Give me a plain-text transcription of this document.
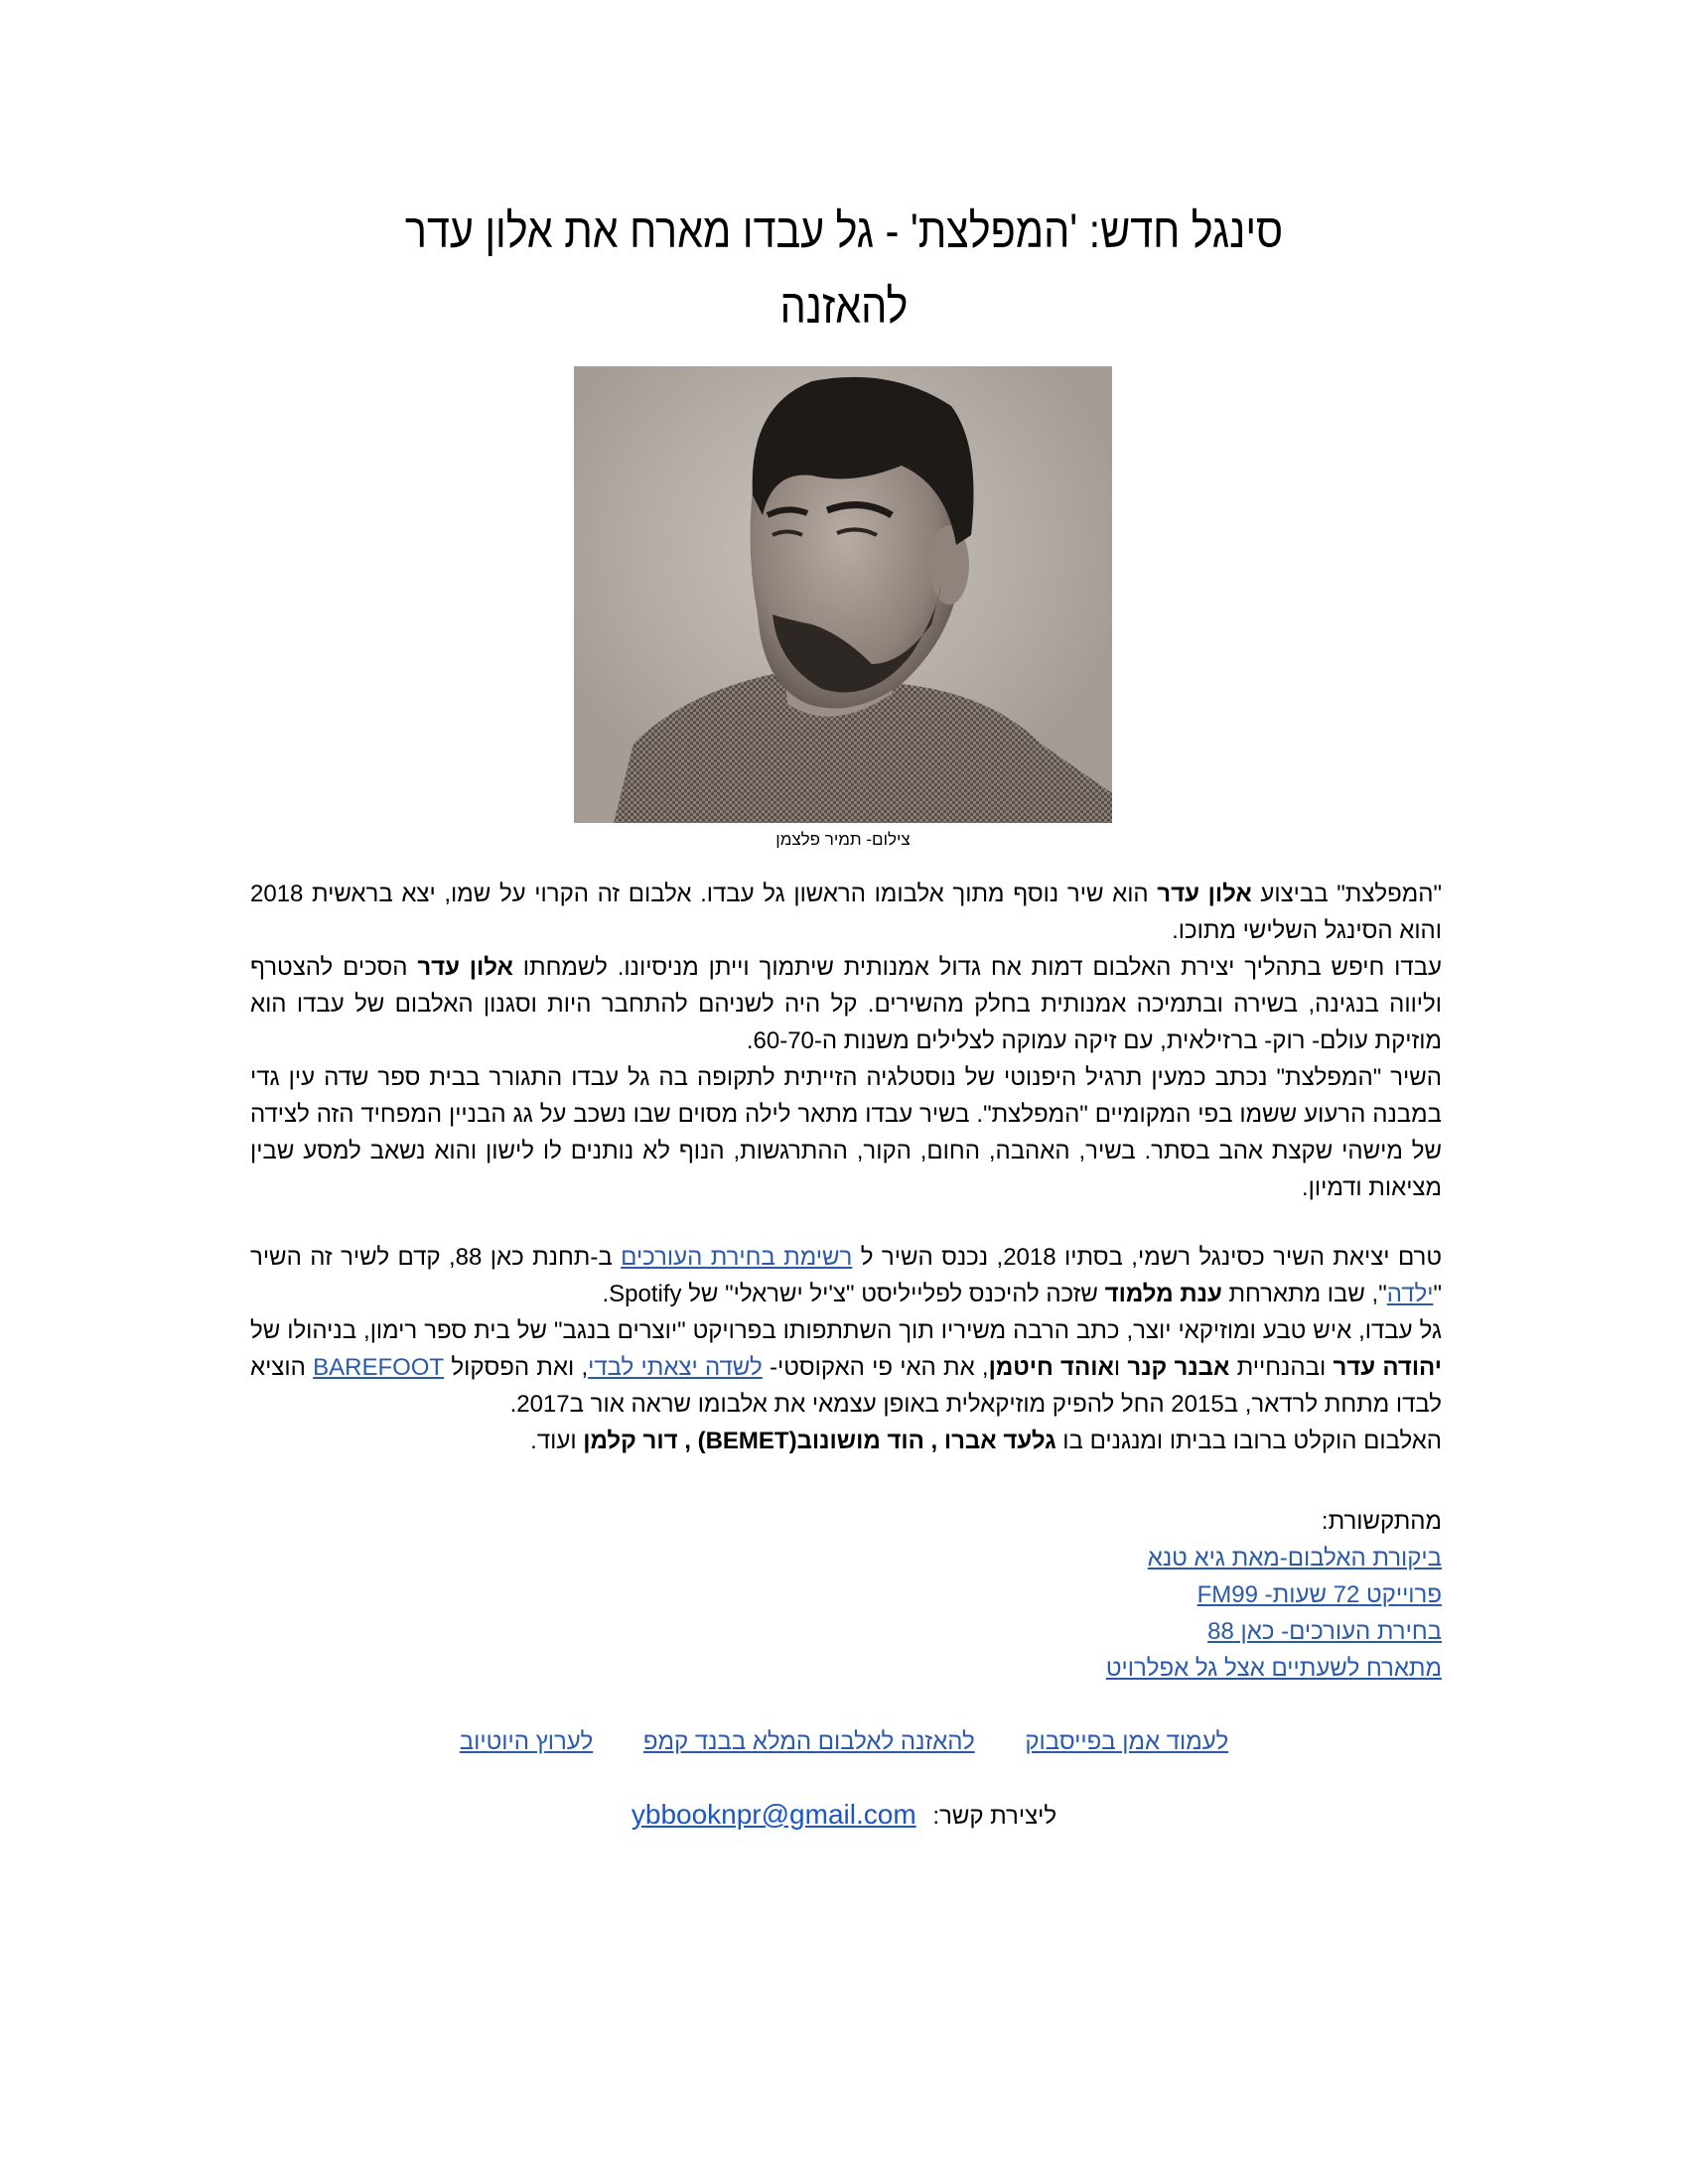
סינגל חדש: 'המפלצת' - גל עבדו מארח את אלון עדר
להאזנה
צילום- תמיר פלצמן

"המפלצת" בביצוע אלון עדר הוא שיר נוסף מתוך אלבומו הראשון גל עבדו. אלבום זה הקרוי על שמו, יצא בראשית 2018 והוא הסינגל השלישי מתוכו.

עבדו חיפש בתהליך יצירת האלבום דמות אח גדול אמנותית שיתמוך וייתן מניסיונו. לשמחתו אלון עדר הסכים להצטרף וליווה בנגינה, בשירה ובתמיכה אמנותית בחלק מהשירים. קל היה לשניהם להתחבר היות וסגנון האלבום של עבדו הוא מוזיקת עולם- רוק- ברזילאית, עם זיקה עמוקה לצלילים משנות ה-60-70.

השיר "המפלצת" נכתב כמעין תרגיל היפנוטי של נוסטלגיה הזייתית לתקופה בה גל עבדו התגורר בבית ספר שדה עין גדי במבנה הרעוע ששמו בפי המקומיים "המפלצת". בשיר עבדו מתאר לילה מסוים שבו נשכב על גג הבניין המפחיד הזה לצידה של מישהי שקצת אהב בסתר. בשיר, האהבה, החום, הקור, ההתרגשות, הנוף לא נותנים לו לישון והוא נשאב למסע שבין מציאות ודמיון.

טרם יציאת השיר כסינגל רשמי, בסתיו 2018, נכנס השיר ל רשימת בחירת העורכים ב-תחנת כאן 88, קדם לשיר זה השיר "ילדה", שבו מתארחת ענת מלמוד שזכה להיכנס לפלייליסט "צ'יל ישראלי" של Spotify.

גל עבדו, איש טבע ומוזיקאי יוצר, כתב הרבה משיריו תוך השתתפותו בפרויקט "יוצרים בנגב" של בית ספר רימון, בניהולו של יהודה עדר ובהנחיית אבנר קנר ואוהד חיטמן, את האי פי האקוסטי- לשדה יצאתי לבדי, ואת הפסקול BAREFOOT הוציא לבדו מתחת לרדאר, ב2015 החל להפיק מוזיקאלית באופן עצמאי את אלבומו שראה אור ב2017.

האלבום הוקלט ברובו בביתו ומנגנים בו גלעד אברו , הוד מושונוב(BEMET) , דור קלמן ועוד.

מהתקשורת:
ביקורת האלבום-מאת גיא טנא
פרוייקט 72 שעות- FM99
בחירת העורכים- כאן 88
מתארח לשעתיים אצל גל אפלרויט
לעמוד אמן בפייסבוק להאזנה לאלבום המלא בבנד קמפ לערוץ היוטיוב
ליצירת קשר: ybbooknpr@gmail.com
